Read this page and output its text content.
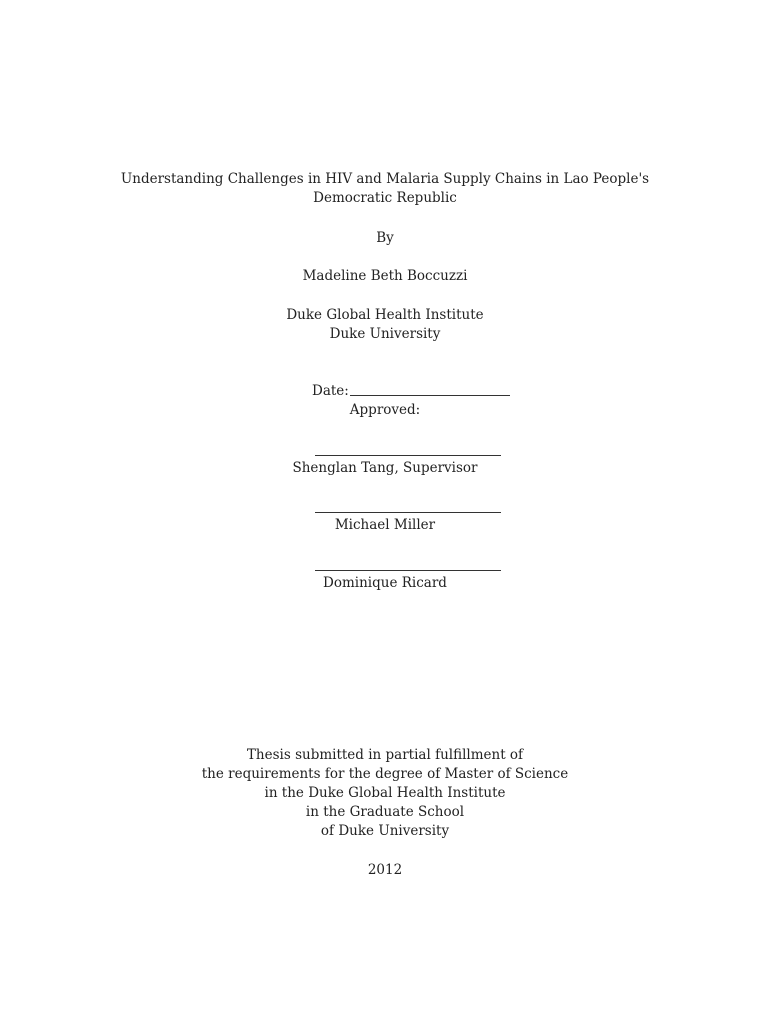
Understanding Challenges in HIV and Malaria Supply Chains in Lao People's
Democratic Republic
By
Madeline Beth Boccuzzi
Duke Global Health Institute
Duke University
Date:
Approved:
Shenglan Tang, Supervisor
Michael Miller
Dominique Ricard
Thesis submitted in partial fulfillment of
the requirements for the degree of Master of Science
in the Duke Global Health Institute
in the Graduate School
of Duke University
2012
